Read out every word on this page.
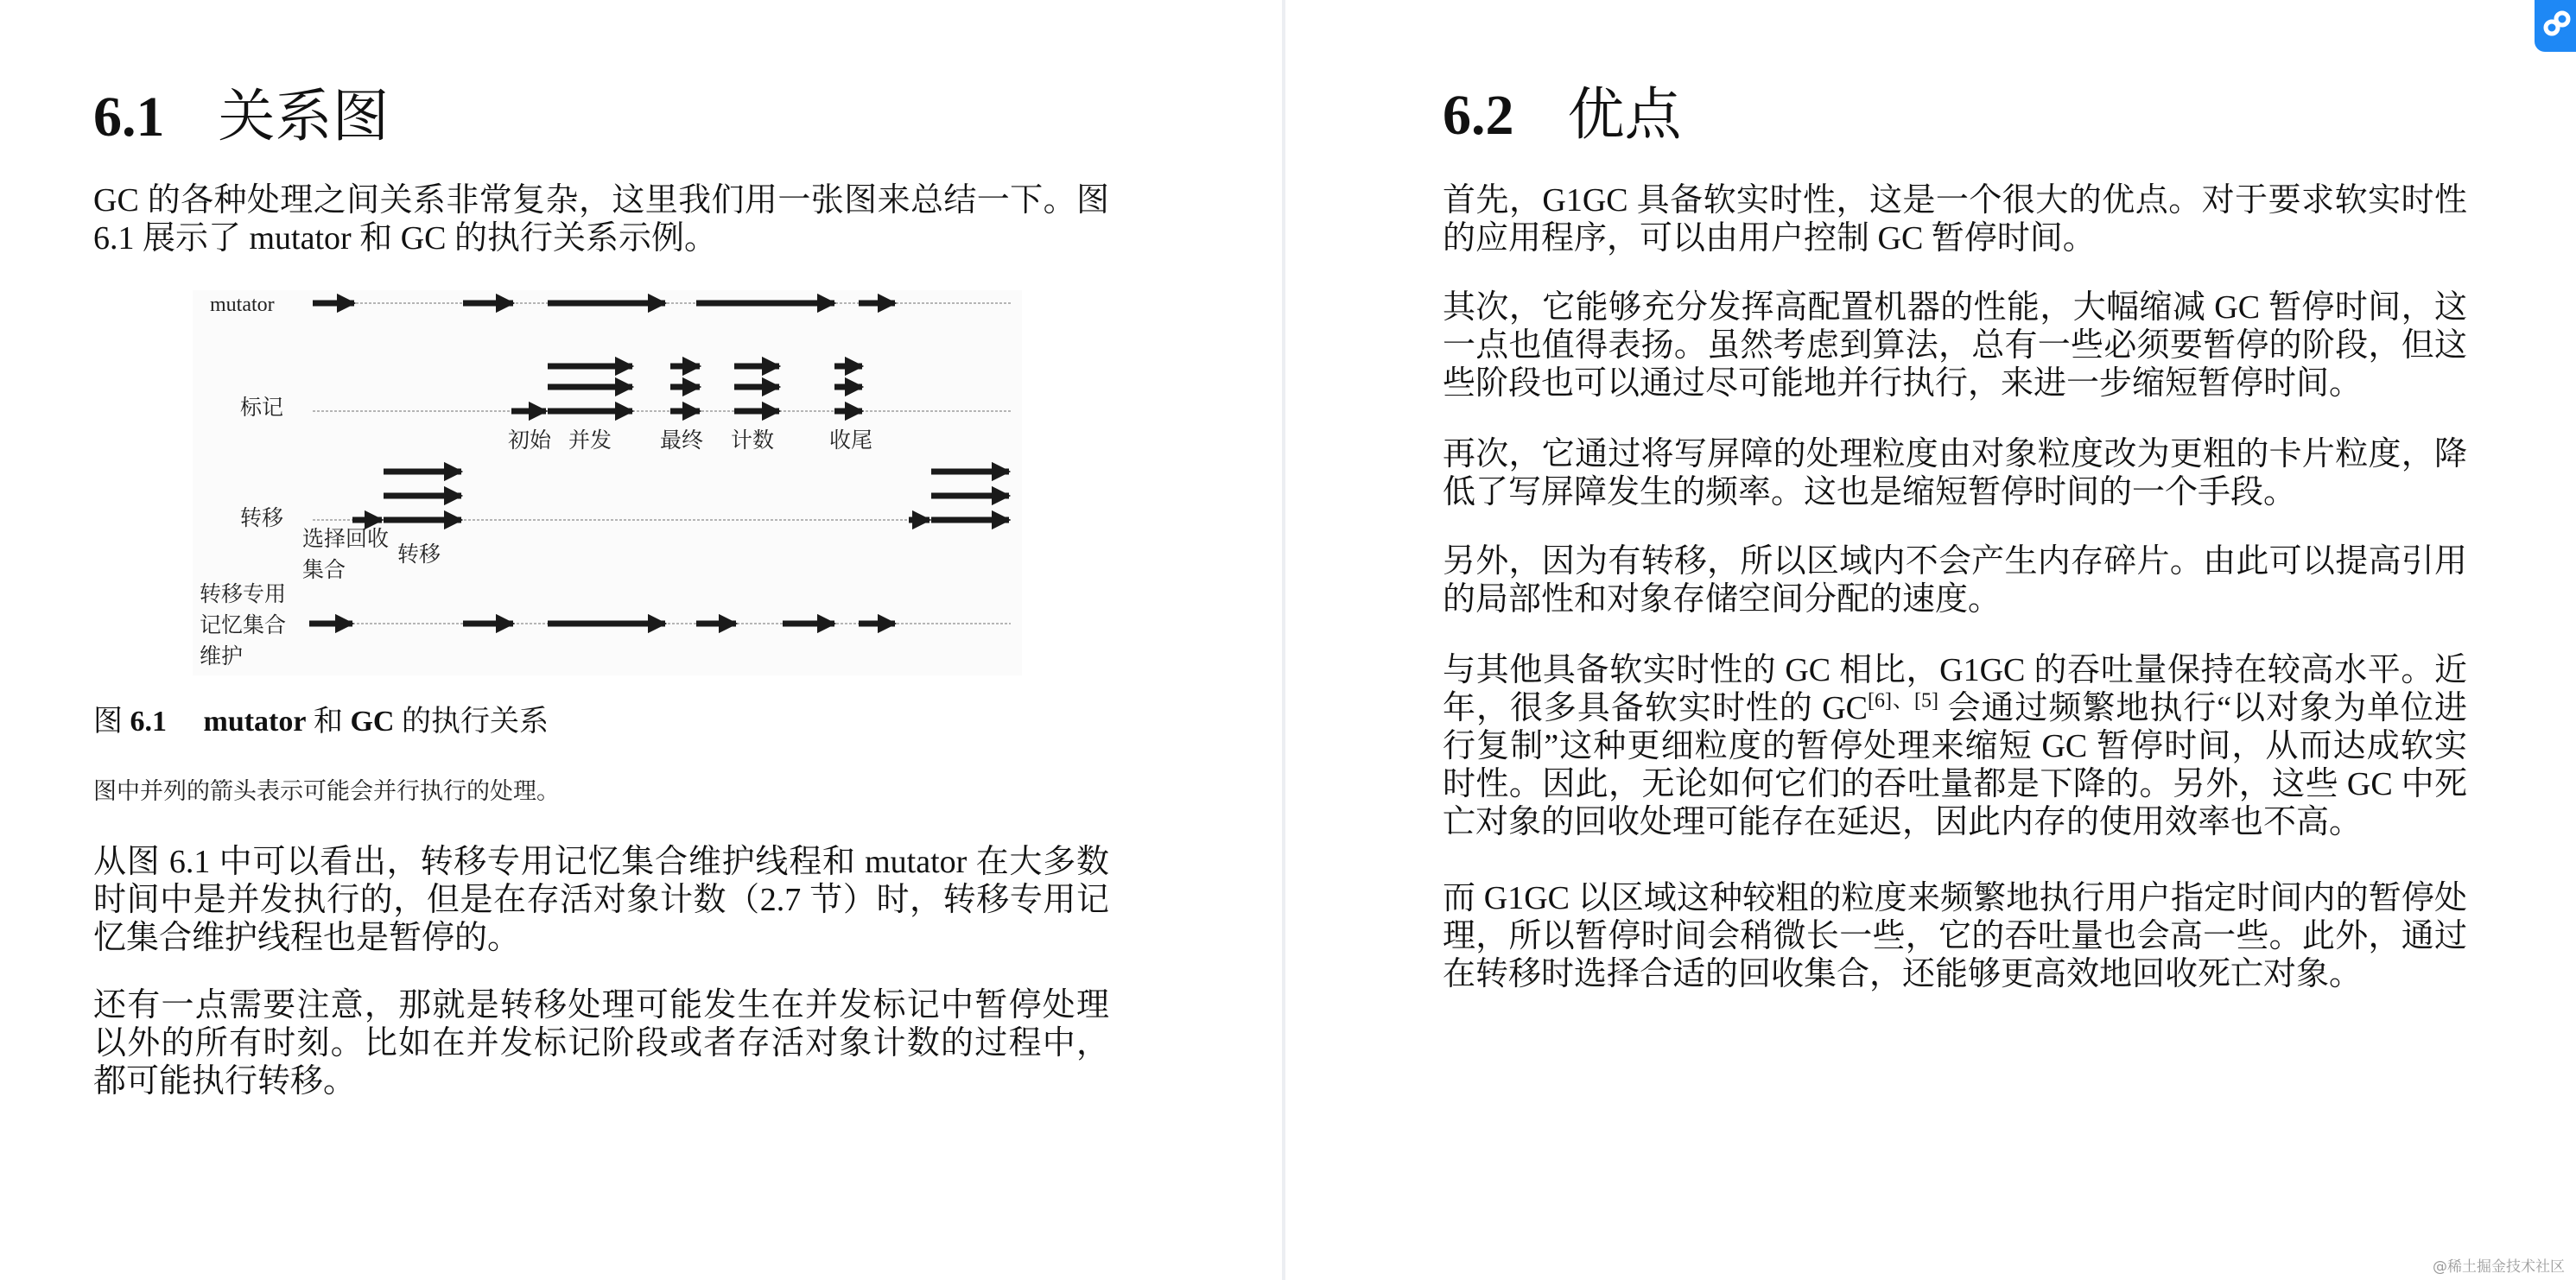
6.1 关系图

GC 的各种处理之间关系非常复杂，这里我们用一张图来总结一下。图 6.1 展示了 mutator 和 GC 的执行关系示例。

mutator
标记
转移
转移专用
记忆集合
维护
初始 并发 最终 计数	收尾
选择回收
集合
转移
图 6.1 mutator 和 GC 的执行关系
图中并列的箭头表示可能会并行执行的处理。

从图 6.1 中可以看出，转移专用记忆集合维护线程和 mutator 在大多数时间中是并发执行的，但是在存活对象计数（2.7 节）时，转移专用记忆集合维护线程也是暂停的。

还有一点需要注意，那就是转移处理可能发生在并发标记中暂停处理以外的所有时刻。比如在并发标记阶段或者存活对象计数的过程中，都可能执行转移。

6.2 优点

首先，G1GC 具备软实时性，这是一个很大的优点。对于要求软实时性的应用程序，可以由用户控制 GC 暂停时间。

其次，它能够充分发挥高配置机器的性能，大幅缩减 GC 暂停时间，这一点也值得表扬。虽然考虑到算法，总有一些必须要暂停的阶段，但这些阶段也可以通过尽可能地并行执行，来进一步缩短暂停时间。

再次，它通过将写屏障的处理粒度由对象粒度改为更粗的卡片粒度，降低了写屏障发生的频率。这也是缩短暂停时间的一个手段。

另外，因为有转移，所以区域内不会产生内存碎片。由此可以提高引用的局部性和对象存储空间分配的速度。

与其他具备软实时性的 GC 相比，G1GC 的吞吐量保持在较高水平。近年，很多具备软实时性的 GC[6]、[5] 会通过频繁地执行“以对象为单位进行复制”这种更细粒度的暂停处理来缩短 GC 暂停时间，从而达成软实时性。因此，无论如何它们的吞吐量都是下降的。另外，这些 GC 中死亡对象的回收处理可能存在延迟，因此内存的使用效率也不高。

而 G1GC 以区域这种较粗的粒度来频繁地执行用户指定时间内的暂停处理，所以暂停时间会稍微长一些，它的吞吐量也会高一些。此外，通过在转移时选择合适的回收集合，还能够更高效地回收死亡对象。

@稀土掘金技术社区
